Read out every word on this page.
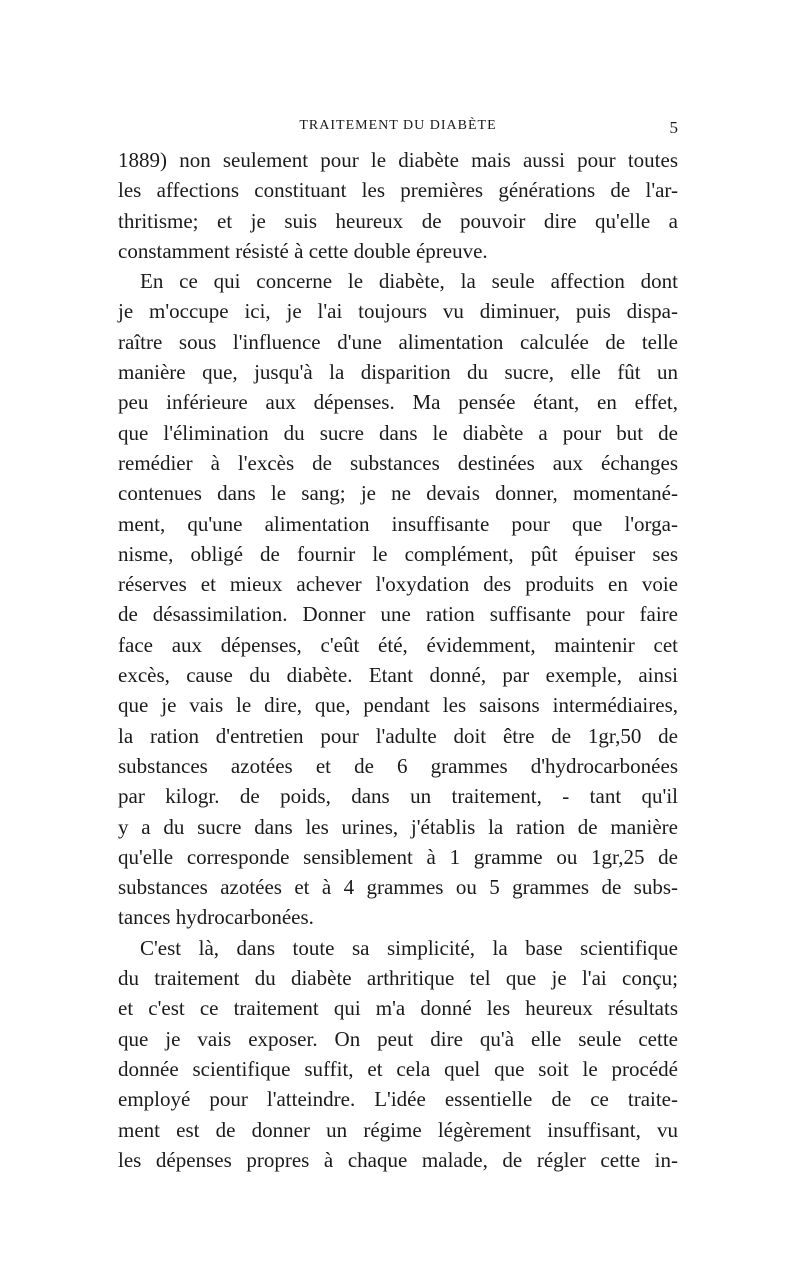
TRAITEMENT DU DIABÈTE	5
1889) non seulement pour le diabète mais aussi pour toutes
les affections constituant les premières générations de l'ar-
thritisme; et je suis heureux de pouvoir dire qu'elle a
constamment résisté à cette double épreuve.
En ce qui concerne le diabète, la seule affection dont
je m'occupe ici, je l'ai toujours vu diminuer, puis dispa-
raître sous l'influence d'une alimentation calculée de telle
manière que, jusqu'à la disparition du sucre, elle fût un
peu inférieure aux dépenses. Ma pensée étant, en effet,
que l'élimination du sucre dans le diabète a pour but de
remédier à l'excès de substances destinées aux échanges
contenues dans le sang; je ne devais donner, momentané-
ment, qu'une alimentation insuffisante pour que l'orga-
nisme, obligé de fournir le complément, pût épuiser ses
réserves et mieux achever l'oxydation des produits en voie
de désassimilation. Donner une ration suffisante pour faire
face aux dépenses, c'eût été, évidemment, maintenir cet
excès, cause du diabète. Etant donné, par exemple, ainsi
que je vais le dire, que, pendant les saisons intermédiaires,
la ration d'entretien pour l'adulte doit être de 1gr,50 de
substances azotées et de 6 grammes d'hydrocarbonées
par kilogr. de poids, dans un traitement, - tant qu'il
y a du sucre dans les urines, j'établis la ration de manière
qu'elle corresponde sensiblement à 1 gramme ou 1gr,25 de
substances azotées et à 4 grammes ou 5 grammes de subs-
tances hydrocarbonées.
C'est là, dans toute sa simplicité, la base scientifique
du traitement du diabète arthritique tel que je l'ai conçu;
et c'est ce traitement qui m'a donné les heureux résultats
que je vais exposer. On peut dire qu'à elle seule cette
donnée scientifique suffit, et cela quel que soit le procédé
employé pour l'atteindre. L'idée essentielle de ce traite-
ment est de donner un régime légèrement insuffisant, vu
les dépenses propres à chaque malade, de régler cette in-
